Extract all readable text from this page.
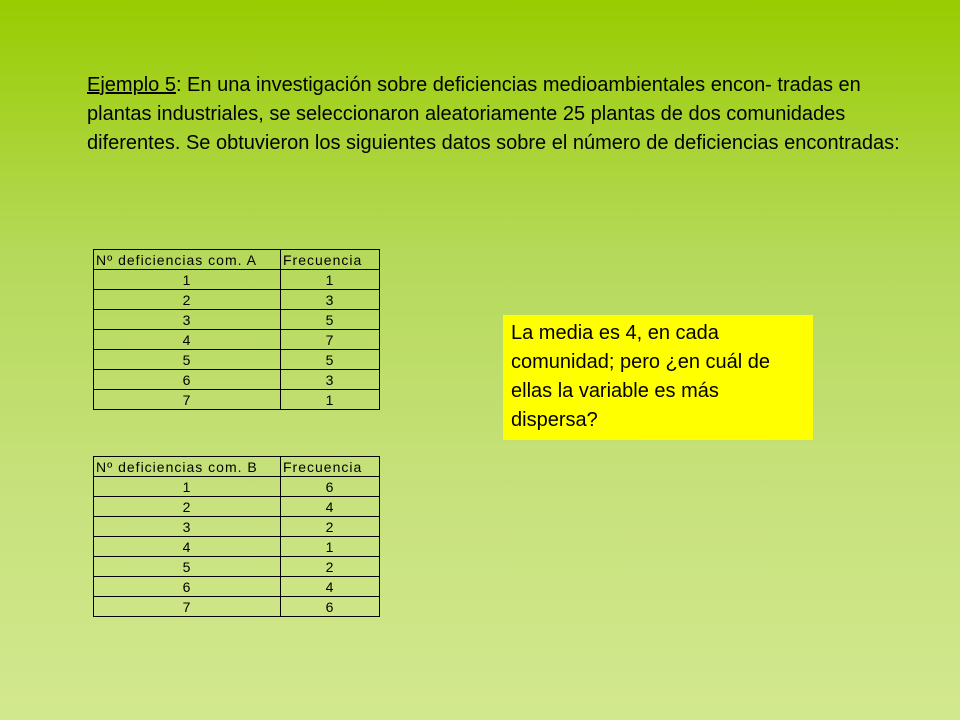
Ejemplo 5: En una investigación sobre deficiencias medioambientales encon- tradas en plantas industriales, se seleccionaron aleatoriamente 25 plantas de dos comunidades diferentes. Se obtuvieron los siguientes datos sobre el número de deficiencias encontradas:

Nº deficiencias com. A	Frecuencia
1	1
2	3
3	5
4	7
5	5
6	3
7	1
Nº deficiencias com. B	Frecuencia
1	6
2	4
3	2
4	1
5	2
6	4
7	6
La media es 4, en cada comunidad; pero ¿en cuál de ellas la variable es más dispersa?
